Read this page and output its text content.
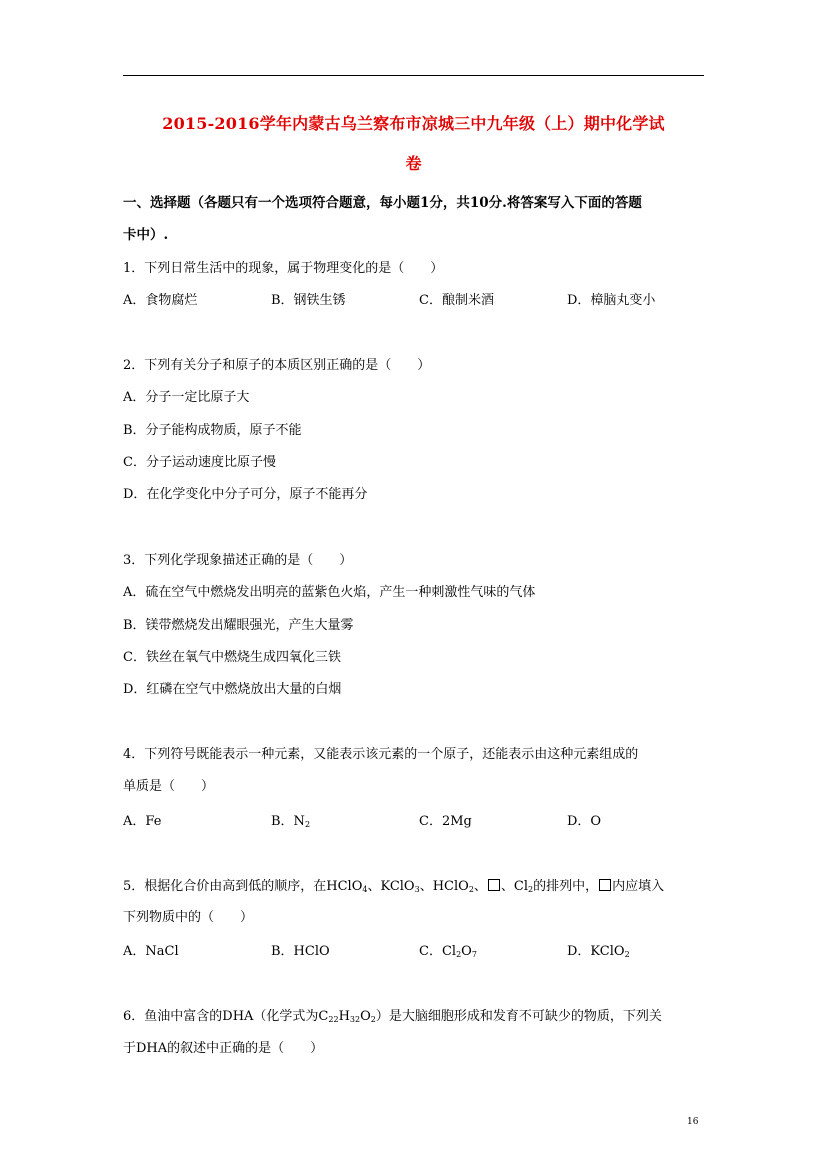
2015-2016学年内蒙古乌兰察布市凉城三中九年级（上）期中化学试
卷
一、选择题（各题只有一个选项符合题意，每小题1分，共10分.将答案写入下面的答题
卡中）.
1．下列日常生活中的现象，属于物理变化的是（　　）
A．食物腐烂	B．钢铁生锈	C．酿制米酒	D．樟脑丸变小
2．下列有关分子和原子的本质区别正确的是（　　）
A．分子一定比原子大
B．分子能构成物质，原子不能
C．分子运动速度比原子慢
D．在化学变化中分子可分，原子不能再分
3．下列化学现象描述正确的是（　　）
A．硫在空气中燃烧发出明亮的蓝紫色火焰，产生一种刺激性气味的气体
B．镁带燃烧发出耀眼强光，产生大量雾
C．铁丝在氧气中燃烧生成四氧化三铁
D．红磷在空气中燃烧放出大量的白烟
4．下列符号既能表示一种元素，又能表示该元素的一个原子，还能表示由这种元素组成的
单质是（　　）
A．Fe	B．$N_2$	C．2Mg	D．O
5．根据化合价由高到低的顺序，在HClO$_4$、KClO$_3$、HClO$_2$、 、$Cl_2$的排列中， 内应填入
下列物质中的（　　）
A．NaCl	B．HClO	C．$Cl_2O_7$	D．KClO$_2$
6．鱼油中富含的DHA（化学式为$C_{22}H_{32}O_2$）是大脑细胞形成和发育不可缺少的物质，下列关
于DHA的叙述中正确的是（　　）
16
